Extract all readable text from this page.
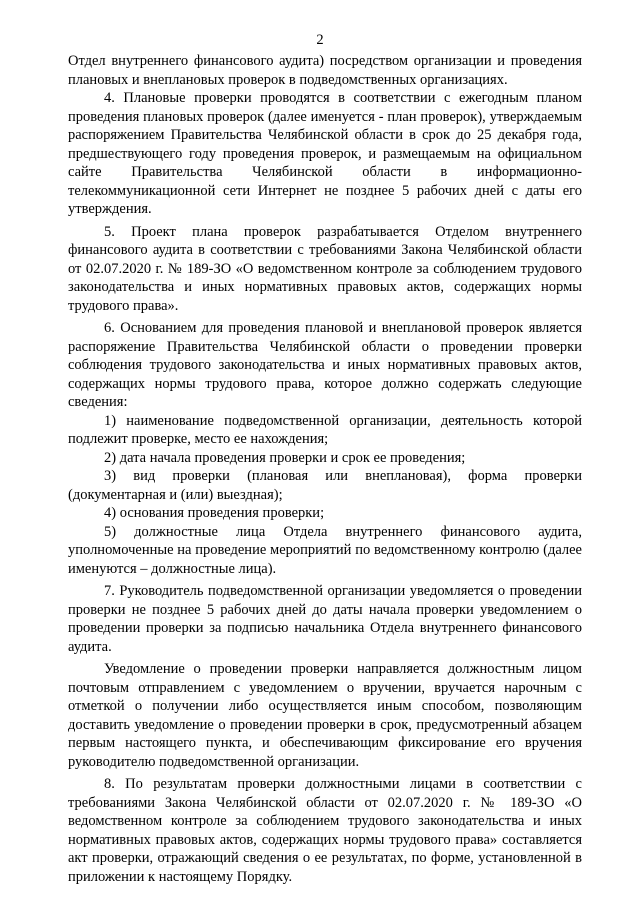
2

Отдел внутреннего финансового аудита) посредством организации и проведения плановых и внеплановых проверок в подведомственных организациях.

4. Плановые проверки проводятся в соответствии с ежегодным планом проведения плановых проверок (далее именуется - план проверок), утверждаемым распоряжением Правительства Челябинской области в срок до 25 декабря года, предшествующего году проведения проверок, и размещаемым на официальном сайте Правительства Челябинской области в информационно-телекоммуникационной сети Интернет не позднее 5 рабочих дней с даты его утверждения.

5. Проект плана проверок разрабатывается Отделом внутреннего финансового аудита в соответствии с требованиями Закона Челябинской области от 02.07.2020 г. № 189-ЗО «О ведомственном контроле за соблюдением трудового законодательства и иных нормативных правовых актов, содержащих нормы трудового права».

6. Основанием для проведения плановой и внеплановой проверок является распоряжение Правительства Челябинской области о проведении проверки соблюдения трудового законодательства и иных нормативных правовых актов, содержащих нормы трудового права, которое должно содержать следующие сведения:

1) наименование подведомственной организации, деятельность которой подлежит проверке, место ее нахождения;

2) дата начала проведения проверки и срок ее проведения;

3) вид проверки (плановая или внеплановая), форма проверки (документарная и (или) выездная);

4) основания проведения проверки;

5) должностные лица Отдела внутреннего финансового аудита, уполномоченные на проведение мероприятий по ведомственному контролю (далее именуются – должностные лица).

7. Руководитель подведомственной организации уведомляется о проведении проверки не позднее 5 рабочих дней до даты начала проверки уведомлением о проведении проверки за подписью начальника Отдела внутреннего финансового аудита.

Уведомление о проведении проверки направляется должностным лицом почтовым отправлением с уведомлением о вручении, вручается нарочным с отметкой о получении либо осуществляется иным способом, позволяющим доставить уведомление о проведении проверки в срок, предусмотренный абзацем первым настоящего пункта, и обеспечивающим фиксирование его вручения руководителю подведомственной организации.

8. По результатам проверки должностными лицами в соответствии с требованиями Закона Челябинской области от 02.07.2020 г. № 189-ЗО «О ведомственном контроле за соблюдением трудового законодательства и иных нормативных правовых актов, содержащих нормы трудового права» составляется акт проверки, отражающий сведения о ее результатах, по форме, установленной в приложении к настоящему Порядку.
